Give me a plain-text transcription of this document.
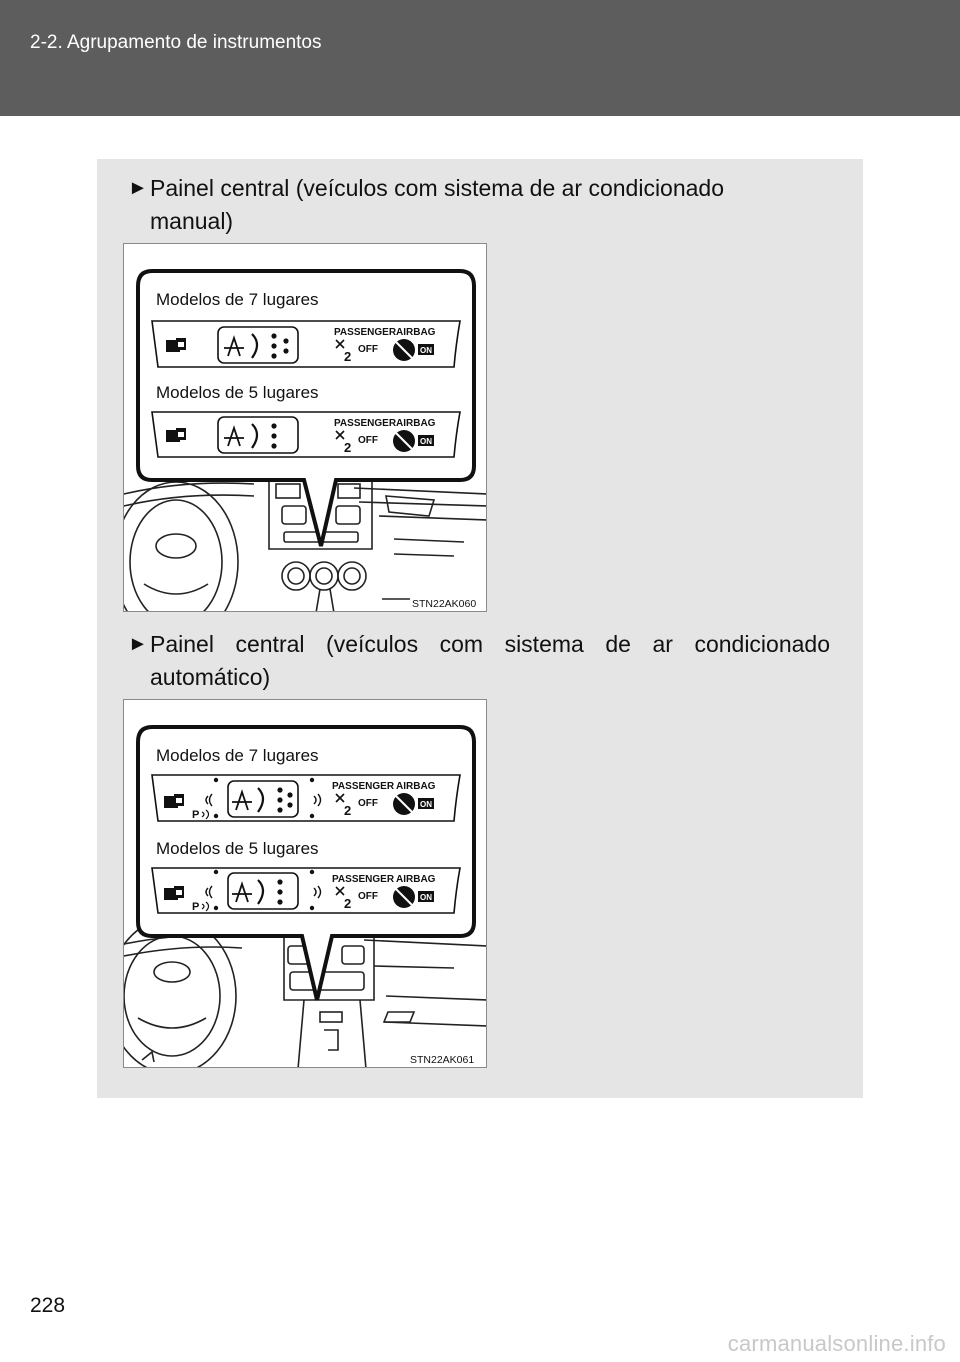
2-2. Agrupamento de instrumentos
► Painel central (veículos com sistema de ar condicionado
manual)
Modelos de 7 lugares
PASSENGER AIRBAG
2 OFF	ON
Modelos de 5 lugares
PASSENGER AIRBAG
2 OFF	ON
STN22AK060
► Painel central (veículos com sistema de ar condicionado
automático)
Modelos de 7 lugares
P
PASSENGER AIRBAG
2 OFF	ON
Modelos de 5 lugares
P
PASSENGER AIRBAG
2 OFF	ON
STN22AK061
228
carmanualsonline.info
